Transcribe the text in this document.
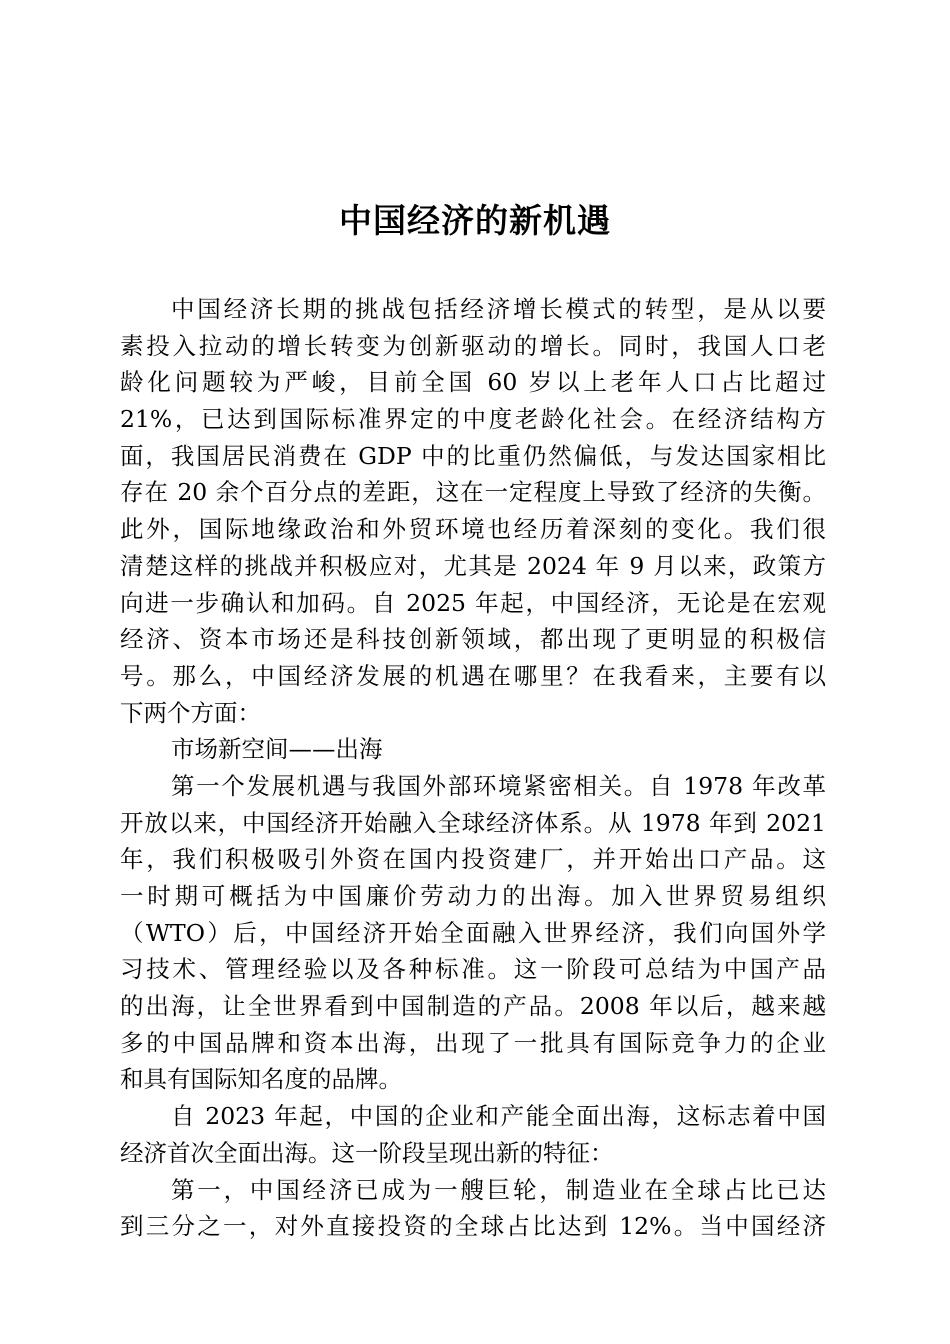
中国经济的新机遇
中国经济长期的挑战包括经济增长模式的转型，是从以要
素投入拉动的增长转变为创新驱动的增长。同时，我国人口老
龄化问题较为严峻，目前全国 60 岁以上老年人口占比超过
21%，已达到国际标准界定的中度老龄化社会。在经济结构方
面，我国居民消费在 GDP 中的比重仍然偏低，与发达国家相比
存在 20 余个百分点的差距，这在一定程度上导致了经济的失衡。
此外，国际地缘政治和外贸环境也经历着深刻的变化。我们很
清楚这样的挑战并积极应对，尤其是 2024 年 9 月以来，政策方
向进一步确认和加码。自 2025 年起，中国经济，无论是在宏观
经济、资本市场还是科技创新领域，都出现了更明显的积极信
号。那么，中国经济发展的机遇在哪里？在我看来，主要有以
下两个方面：
市场新空间——出海
第一个发展机遇与我国外部环境紧密相关。自 1978 年改革
开放以来，中国经济开始融入全球经济体系。从 1978 年到 2021
年，我们积极吸引外资在国内投资建厂，并开始出口产品。这
一时期可概括为中国廉价劳动力的出海。加入世界贸易组织
（WTO）后，中国经济开始全面融入世界经济，我们向国外学
习技术、管理经验以及各种标准。这一阶段可总结为中国产品
的出海，让全世界看到中国制造的产品。2008 年以后，越来越
多的中国品牌和资本出海，出现了一批具有国际竞争力的企业
和具有国际知名度的品牌。
自 2023 年起，中国的企业和产能全面出海，这标志着中国
经济首次全面出海。这一阶段呈现出新的特征：
第一，中国经济已成为一艘巨轮，制造业在全球占比已达
到三分之一，对外直接投资的全球占比达到 12%。当中国经济
